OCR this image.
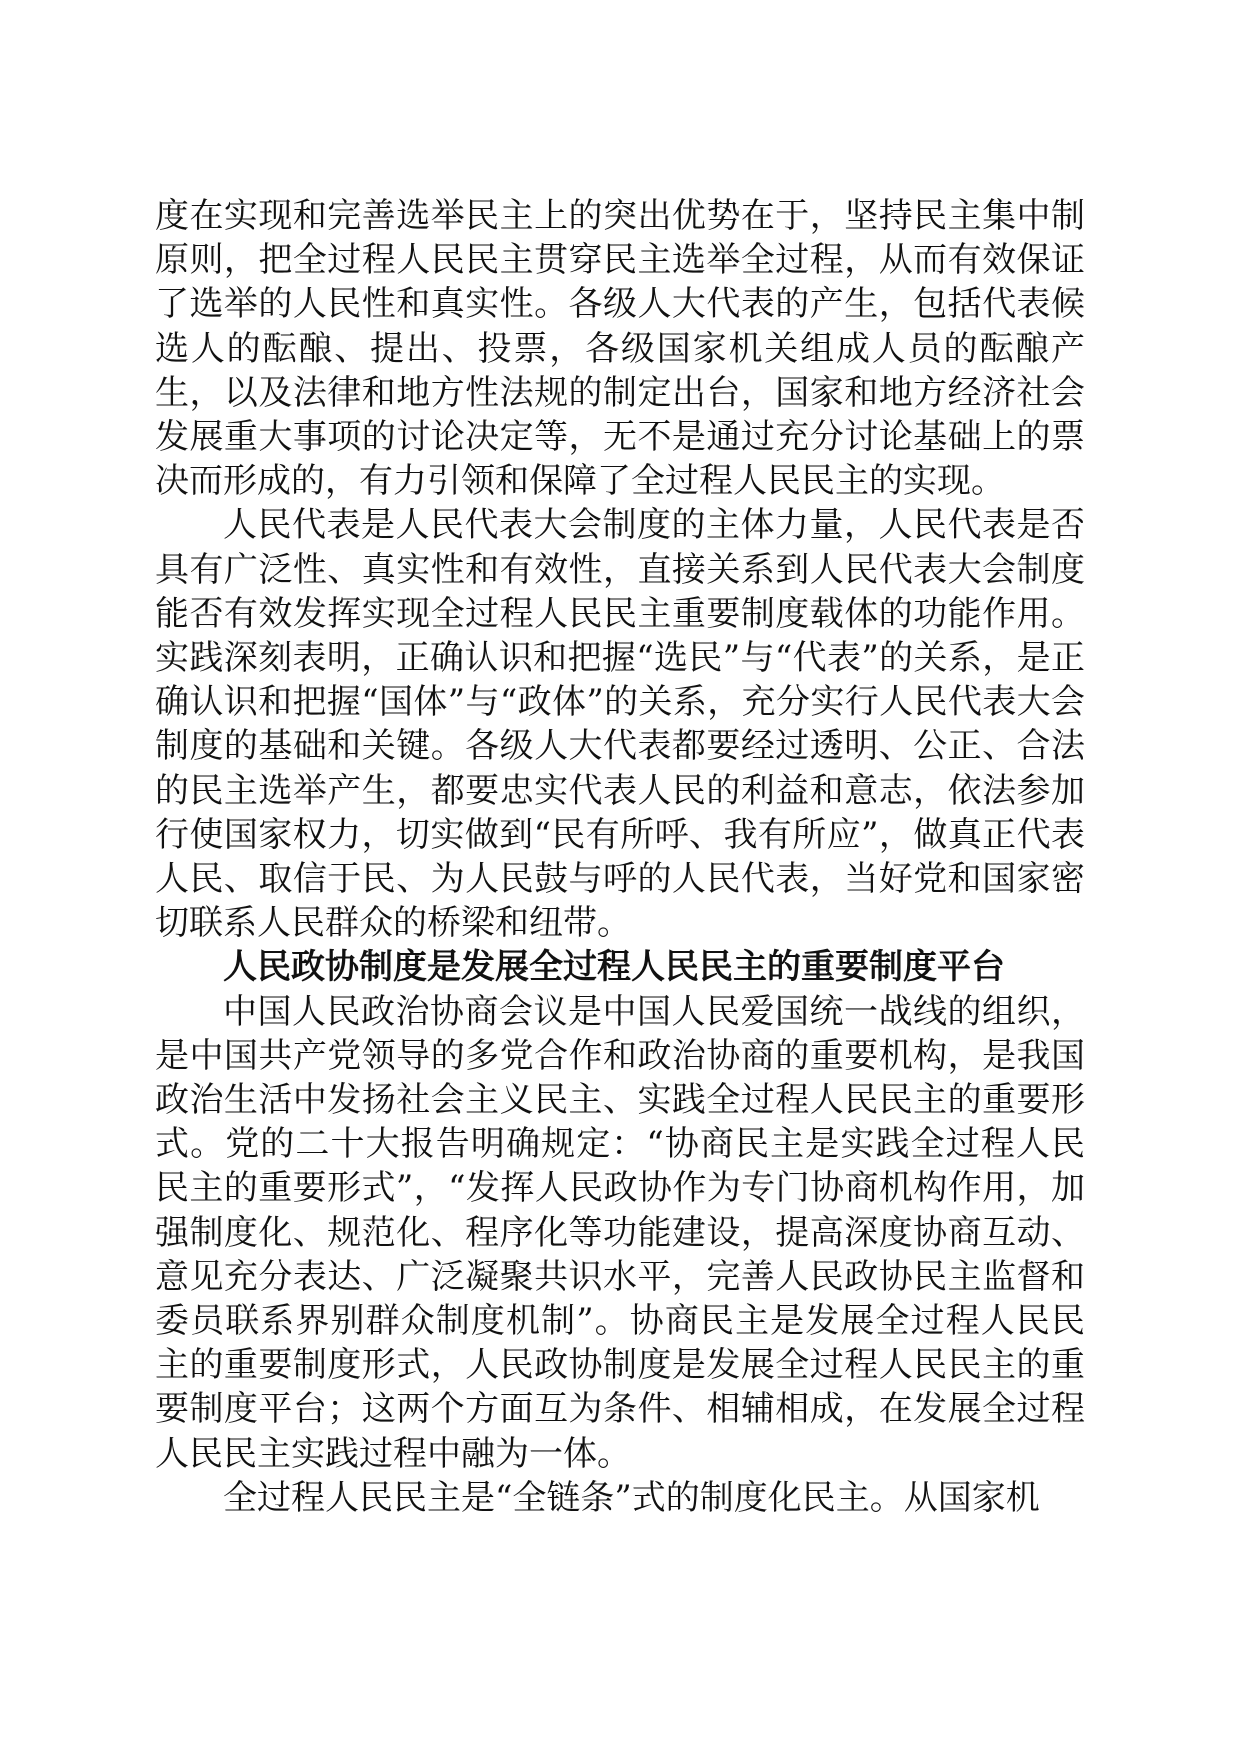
度在实现和完善选举民主上的突出优势在于，坚持民主集中制原则，把全过程人民民主贯穿民主选举全过程，从而有效保证了选举的人民性和真实性。各级人大代表的产生，包括代表候选人的酝酿、提出、投票，各级国家机关组成人员的酝酿产生，以及法律和地方性法规的制定出台，国家和地方经济社会发展重大事项的讨论决定等，无不是通过充分讨论基础上的票决而形成的，有力引领和保障了全过程人民民主的实现。

人民代表是人民代表大会制度的主体力量，人民代表是否具有广泛性、真实性和有效性，直接关系到人民代表大会制度能否有效发挥实现全过程人民民主重要制度载体的功能作用。实践深刻表明，正确认识和把握“选民”与“代表”的关系，是正确认识和把握“国体”与“政体”的关系，充分实行人民代表大会制度的基础和关键。各级人大代表都要经过透明、公正、合法的民主选举产生，都要忠实代表人民的利益和意志，依法参加行使国家权力，切实做到“民有所呼、我有所应”，做真正代表人民、取信于民、为人民鼓与呼的人民代表，当好党和国家密切联系人民群众的桥梁和纽带。

人民政协制度是发展全过程人民民主的重要制度平台

中国人民政治协商会议是中国人民爱国统一战线的组织，是中国共产党领导的多党合作和政治协商的重要机构，是我国政治生活中发扬社会主义民主、实践全过程人民民主的重要形式。党的二十大报告明确规定：“协商民主是实践全过程人民民主的重要形式”，“发挥人民政协作为专门协商机构作用，加强制度化、规范化、程序化等功能建设，提高深度协商互动、意见充分表达、广泛凝聚共识水平，完善人民政协民主监督和委员联系界别群众制度机制”。协商民主是发展全过程人民民主的重要制度形式，人民政协制度是发展全过程人民民主的重要制度平台；这两个方面互为条件、相辅相成，在发展全过程人民民主实践过程中融为一体。

全过程人民民主是“全链条”式的制度化民主。从国家机
